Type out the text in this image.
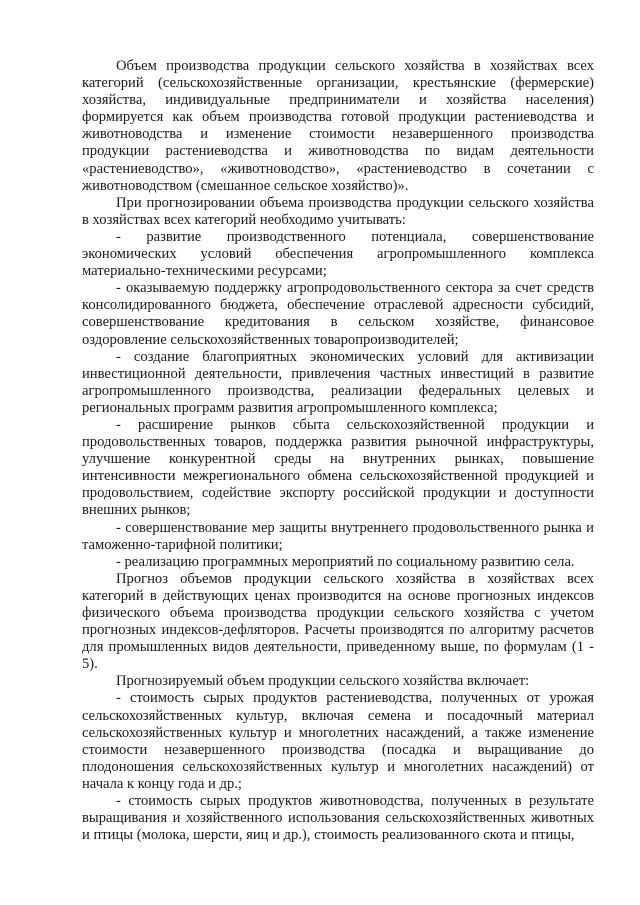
Объем производства продукции сельского хозяйства в хозяйствах всех категорий (сельскохозяйственные организации, крестьянские (фермерские) хозяйства, индивидуальные предприниматели и хозяйства населения) формируется как объем производства готовой продукции растениеводства и животноводства и изменение стоимости незавершенного производства продукции растениеводства и животноводства по видам деятельности «растениеводство», «животноводство», «растениеводство в сочетании с животноводством (смешанное сельское хозяйство)».

При прогнозировании объема производства продукции сельского хозяйства в хозяйствах всех категорий необходимо учитывать:

- развитие производственного потенциала, совершенствование экономических условий обеспечения агропромышленного комплекса материально-техническими ресурсами;

- оказываемую поддержку агропродовольственного сектора за счет средств консолидированного бюджета, обеспечение отраслевой адресности субсидий, совершенствование кредитования в сельском хозяйстве, финансовое оздоровление сельскохозяйственных товаропроизводителей;

- создание благоприятных экономических условий для активизации инвестиционной деятельности, привлечения частных инвестиций в развитие агропромышленного производства, реализации федеральных целевых и региональных программ развития агропромышленного комплекса;

- расширение рынков сбыта сельскохозяйственной продукции и продовольственных товаров, поддержка развития рыночной инфраструктуры, улучшение конкурентной среды на внутренних рынках, повышение интенсивности межрегионального обмена сельскохозяйственной продукцией и продовольствием, содействие экспорту российской продукции и доступности внешних рынков;

- совершенствование мер защиты внутреннего продовольственного рынка и таможенно-тарифной политики;

- реализацию программных мероприятий по социальному развитию села.

Прогноз объемов продукции сельского хозяйства в хозяйствах всех категорий в действующих ценах производится на основе прогнозных индексов физического объема производства продукции сельского хозяйства с учетом прогнозных индексов-дефляторов. Расчеты производятся по алгоритму расчетов для промышленных видов деятельности, приведенному выше, по формулам (1 - 5).

Прогнозируемый объем продукции сельского хозяйства включает:

- стоимость сырых продуктов растениеводства, полученных от урожая сельскохозяйственных культур, включая семена и посадочный материал сельскохозяйственных культур и многолетних насаждений, а также изменение стоимости незавершенного производства (посадка и выращивание до плодоношения сельскохозяйственных культур и многолетних насаждений) от начала к концу года и др.;

- стоимость сырых продуктов животноводства, полученных в результате выращивания и хозяйственного использования сельскохозяйственных животных и птицы (молока, шерсти, яиц и др.), стоимость реализованного скота и птицы,
